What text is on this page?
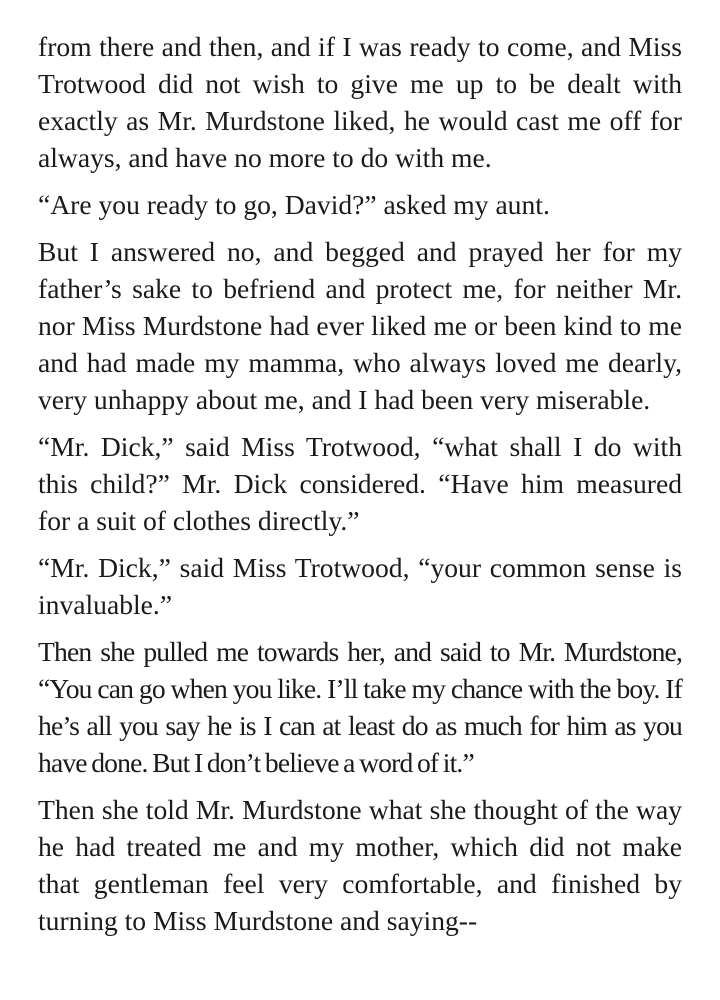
from there and then, and if I was ready to come, and Miss Trotwood did not wish to give me up to be dealt with exactly as Mr. Murdstone liked, he would cast me off for always, and have no more to do with me.

“Are you ready to go, David?” asked my aunt.

But I answered no, and begged and prayed her for my father’s sake to befriend and protect me, for neither Mr. nor Miss Murdstone had ever liked me or been kind to me and had made my mamma, who always loved me dearly, very unhappy about me, and I had been very miserable.

“Mr. Dick,” said Miss Trotwood, “what shall I do with this child?” Mr. Dick considered. “Have him measured for a suit of clothes directly.”

“Mr. Dick,” said Miss Trotwood, “your common sense is invaluable.”

Then she pulled me towards her, and said to Mr. Murdstone, “You can go when you like. I’ll take my chance with the boy. If he’s all you say he is I can at least do as much for him as you have done. But I don’t believe a word of it.”

Then she told Mr. Murdstone what she thought of the way he had treated me and my mother, which did not make that gentleman feel very comfortable, and finished by turning to Miss Murdstone and saying--
